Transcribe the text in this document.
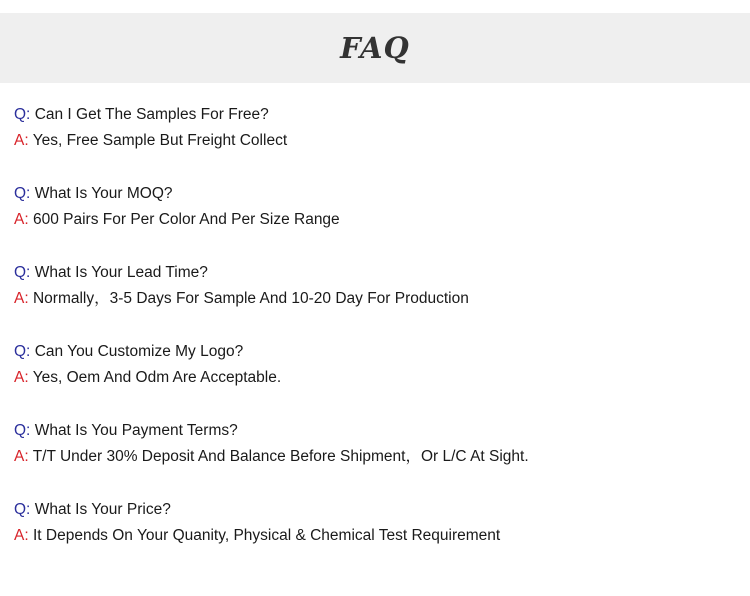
FAQ
Q: Can I Get The Samples For Free?
A: Yes, Free Sample But Freight Collect
Q: What Is Your MOQ?
A: 600 Pairs For Per Color And Per Size Range
Q: What Is Your Lead Time?
A: Normally，3-5 Days For Sample And 10-20 Day For Production
Q: Can You Customize My Logo?
A: Yes, Oem And Odm Are Acceptable.
Q: What Is You Payment Terms?
A: T/T Under 30% Deposit And Balance Before Shipment，Or L/C At Sight.
Q: What Is Your Price?
A: It Depends On Your Quanity, Physical & Chemical Test Requirement
